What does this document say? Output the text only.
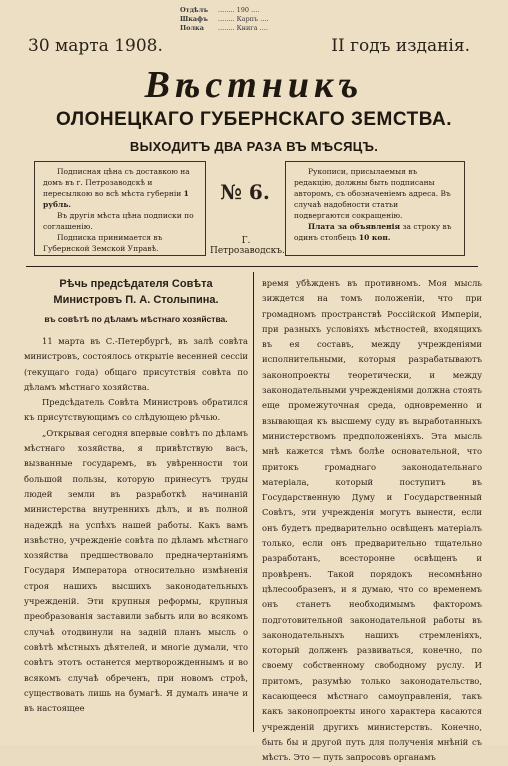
Отдѣлъ ........ 190 ....
Шкафъ ........ Карпъ ....
Полка	........ Книга ....
30 марта 1908.	II годъ изданія.
Вѣстникъ
ОЛОНЕЦКАГО ГУБЕРНСКАГО ЗЕМСТВА.
ВЫХОДИТЪ ДВА РАЗА ВЪ МѢСЯЦЪ.

Подписная цѣна съ доставкою на домъ въ г. Петрозаводскѣ и пересылкою во всѣ мѣста губерніи 1 рубль.

Въ другія мѣста цѣна подписки по соглашенію.

Подписка принимается въ Губернской Земской Управѣ.

№ 6.
Г. Петрозаводскъ.

Рукописи, присылаемыя въ редакцію, должны быть подписаны авторомъ, съ обозначеніемъ адреса. Въ случаѣ надобности статьи подвергаются сокращенію.

Плата за объявленія за строку въ одинъ столбецъ 10 коп.

Рѣчь предсѣдателя Совѣта Министровъ П. А. Столыпина.
въ совѣтѣ по дѣламъ мѣстнаго хозяйства.

11 марта въ С.-Петербургѣ, въ залѣ совѣта министровъ, состоялось открытіе весенней сессіи (текущаго года) общаго присутствія совѣта по дѣламъ мѣстнаго хозяйства.

Предсѣдатель Совѣта Министровъ обратился къ присутствующимъ со слѣдующею рѣчью.

„Открывая сегодня впервые совѣтъ по дѣламъ мѣстнаго хозяйства, я привѣтствую васъ, вызванные государемъ, въ увѣренности тои большой пользы, которую принесутъ труды людей земли въ разработкѣ начинаній министерства внутреннихъ дѣлъ, и въ полной надеждѣ на успѣхъ нашей работы. Какъ вамъ извѣстно, учрежденіе совѣта по дѣламъ мѣстнаго хозяйства предшествовало предначертаніямъ Государя Императора относительно измѣненія строя нашихъ высшихъ законодательныхъ учрежденій. Эти крупныя реформы, крупныя преобразованія заставили забыть или во всякомъ случаѣ отодвинули на задній планъ мысль о совѣтѣ мѣстныхъ дѣятелей, и многіе думали, что совѣтъ этотъ останется мертворожденнымъ и во всякомъ случаѣ обреченъ, при новомъ строѣ, существовать лишь на бумагѣ. Я думалъ иначе и въ настоящее

время убѣжденъ въ противномъ. Моя мысль зиждется на томъ положеніи, что при громадномъ пространствѣ Россійской Имперіи, при разныхъ условіяхъ мѣстностей, входящихъ въ ея составъ, между учрежденіями исполнительными, которыя разрабатываютъ законопроекты теоретически, и между законодательными учрежденіями должна стоять еще промежуточная среда, одновременно и взывающая къ высшему суду въ выработанныхъ министерствомъ предположеніяхъ. Эта мысль мнѣ кажется тѣмъ болѣе основательной, что притокъ громаднаго законодательнаго матеріала, который поступитъ въ Государственную Думу и Государственный Совѣтъ, эти учрежденія могутъ вынести, если онъ будетъ предварительно освѣщенъ матеріалъ только, если онъ предварительно тщательно разработанъ, всесторонне освѣщенъ и провѣренъ. Такой порядокъ несомнѣнно цѣлесообразенъ, и я думаю, что со временемъ онъ станетъ необходимымъ факторомъ подготовительной законодательной работы въ законодательныхъ нашихъ стремленіяхъ, который долженъ развиваться, конечно, по своему собственному свободному руслу. И притомъ, разумѣю только законодательство, касающееся мѣстнаго самоуправленія, такъ какъ законопроекты иного характера касаются учрежденій другихъ министерствъ. Конечно, быть бы и другой путь для полученія мнѣній съ мѣстъ. Это — путь запросовъ органамъ
